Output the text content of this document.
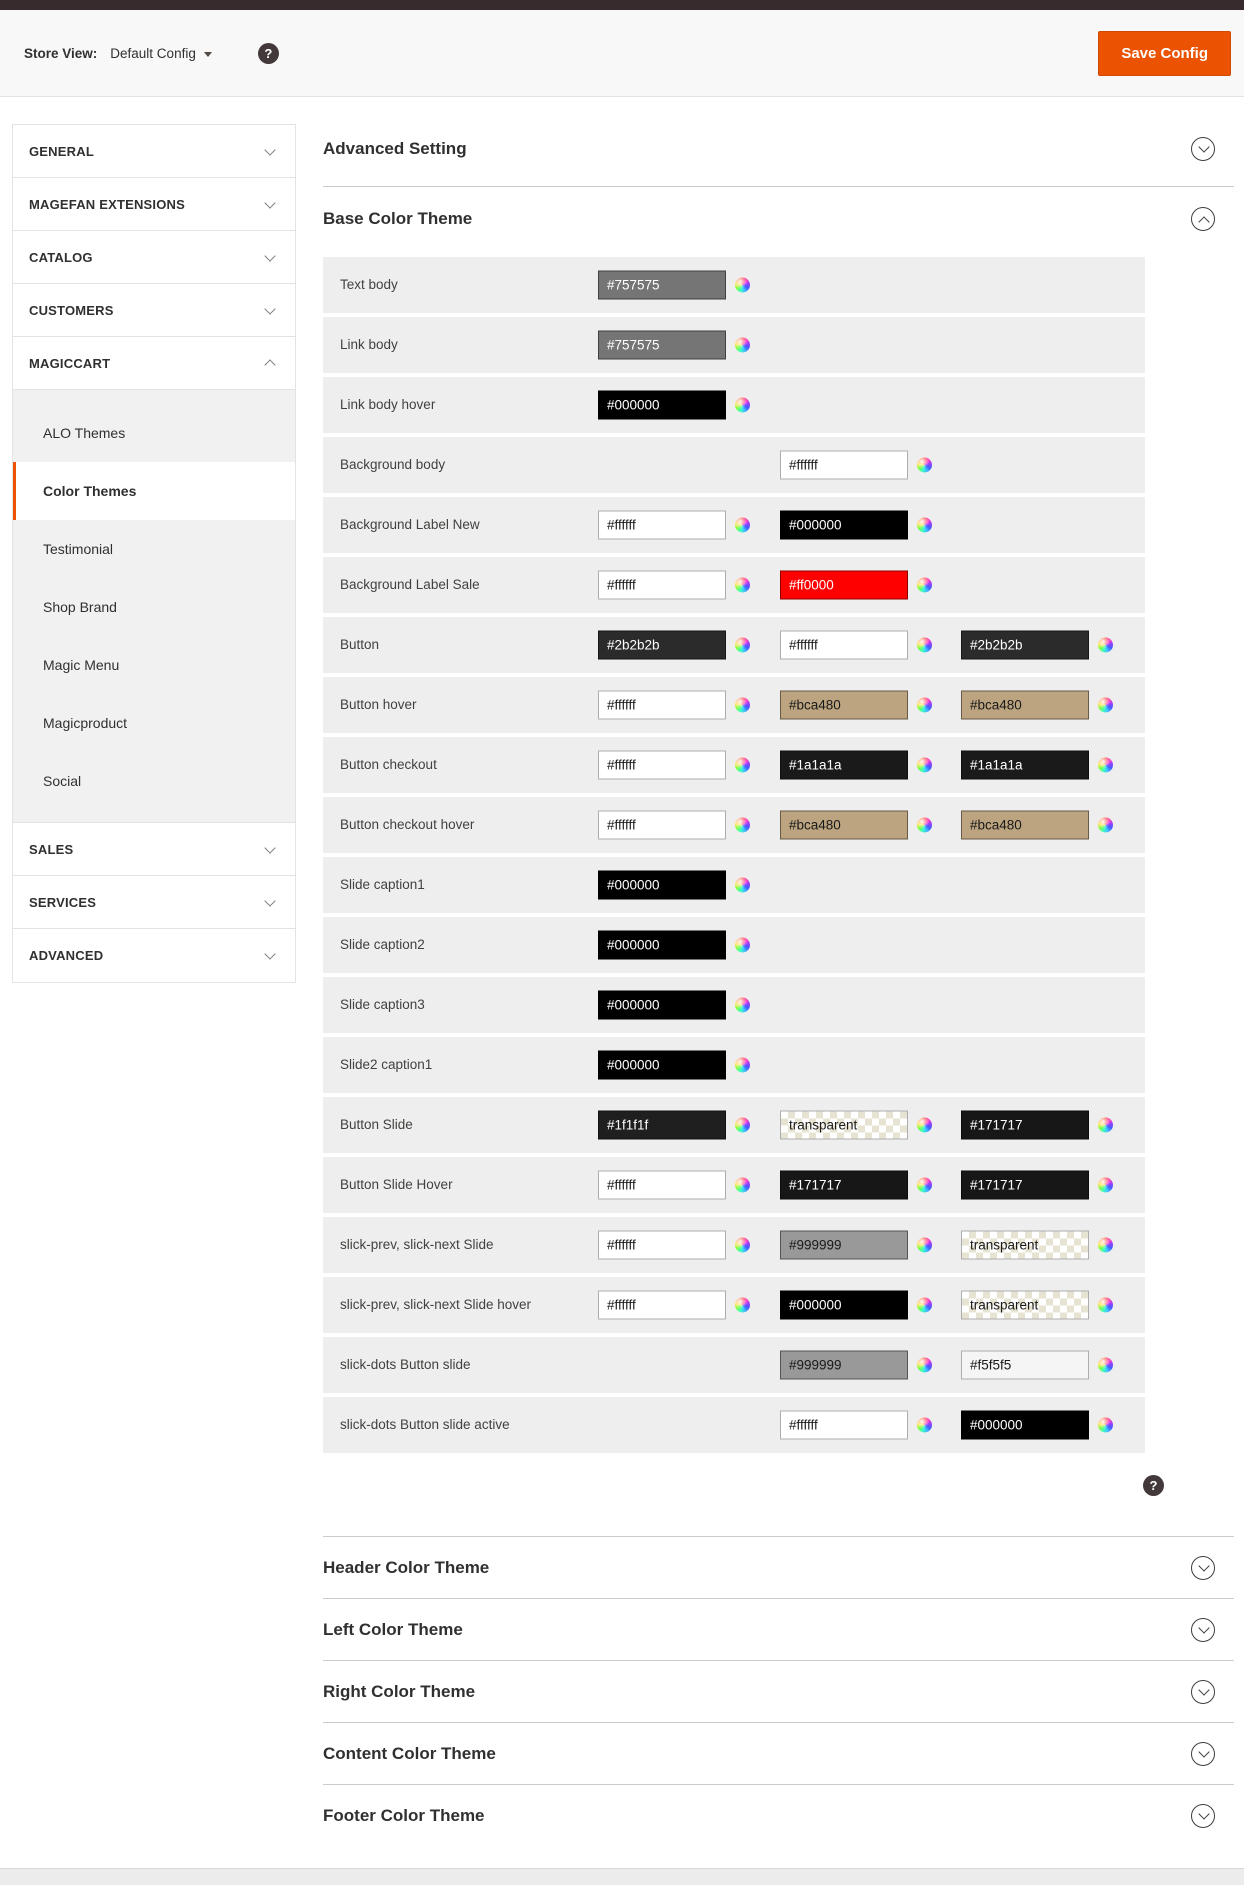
Store View: Default Config	?	Save Config
GENERAL
MAGEFAN EXTENSIONS
CATALOG
CUSTOMERS
MAGICCART
ALO Themes
Color Themes
Testimonial
Shop Brand
Magic Menu
Magicproduct
Social
SALES
SERVICES
ADVANCED
Advanced Setting
Base Color Theme
Text body
#757575
Link body
#757575
Link body hover
#000000
Background body
#ffffff
Background Label New
#ffffff
#000000
Background Label Sale
#ffffff
#ff0000
Button
#2b2b2b
#ffffff
#2b2b2b
Button hover
#ffffff
#bca480
#bca480
Button checkout
#ffffff
#1a1a1a
#1a1a1a
Button checkout hover
#ffffff
#bca480
#bca480
Slide caption1
#000000
Slide caption2
#000000
Slide caption3
#000000
Slide2 caption1
#000000
Button Slide
#1f1f1f
transparent
#171717
Button Slide Hover
#ffffff
#171717
#171717
slick-prev, slick-next Slide
#ffffff
#999999
transparent
slick-prev, slick-next Slide hover
#ffffff
#000000
transparent
slick-dots Button slide
#999999
#f5f5f5
slick-dots Button slide active
#ffffff
#000000
?
Header Color Theme
Left Color Theme
Right Color Theme
Content Color Theme
Footer Color Theme
